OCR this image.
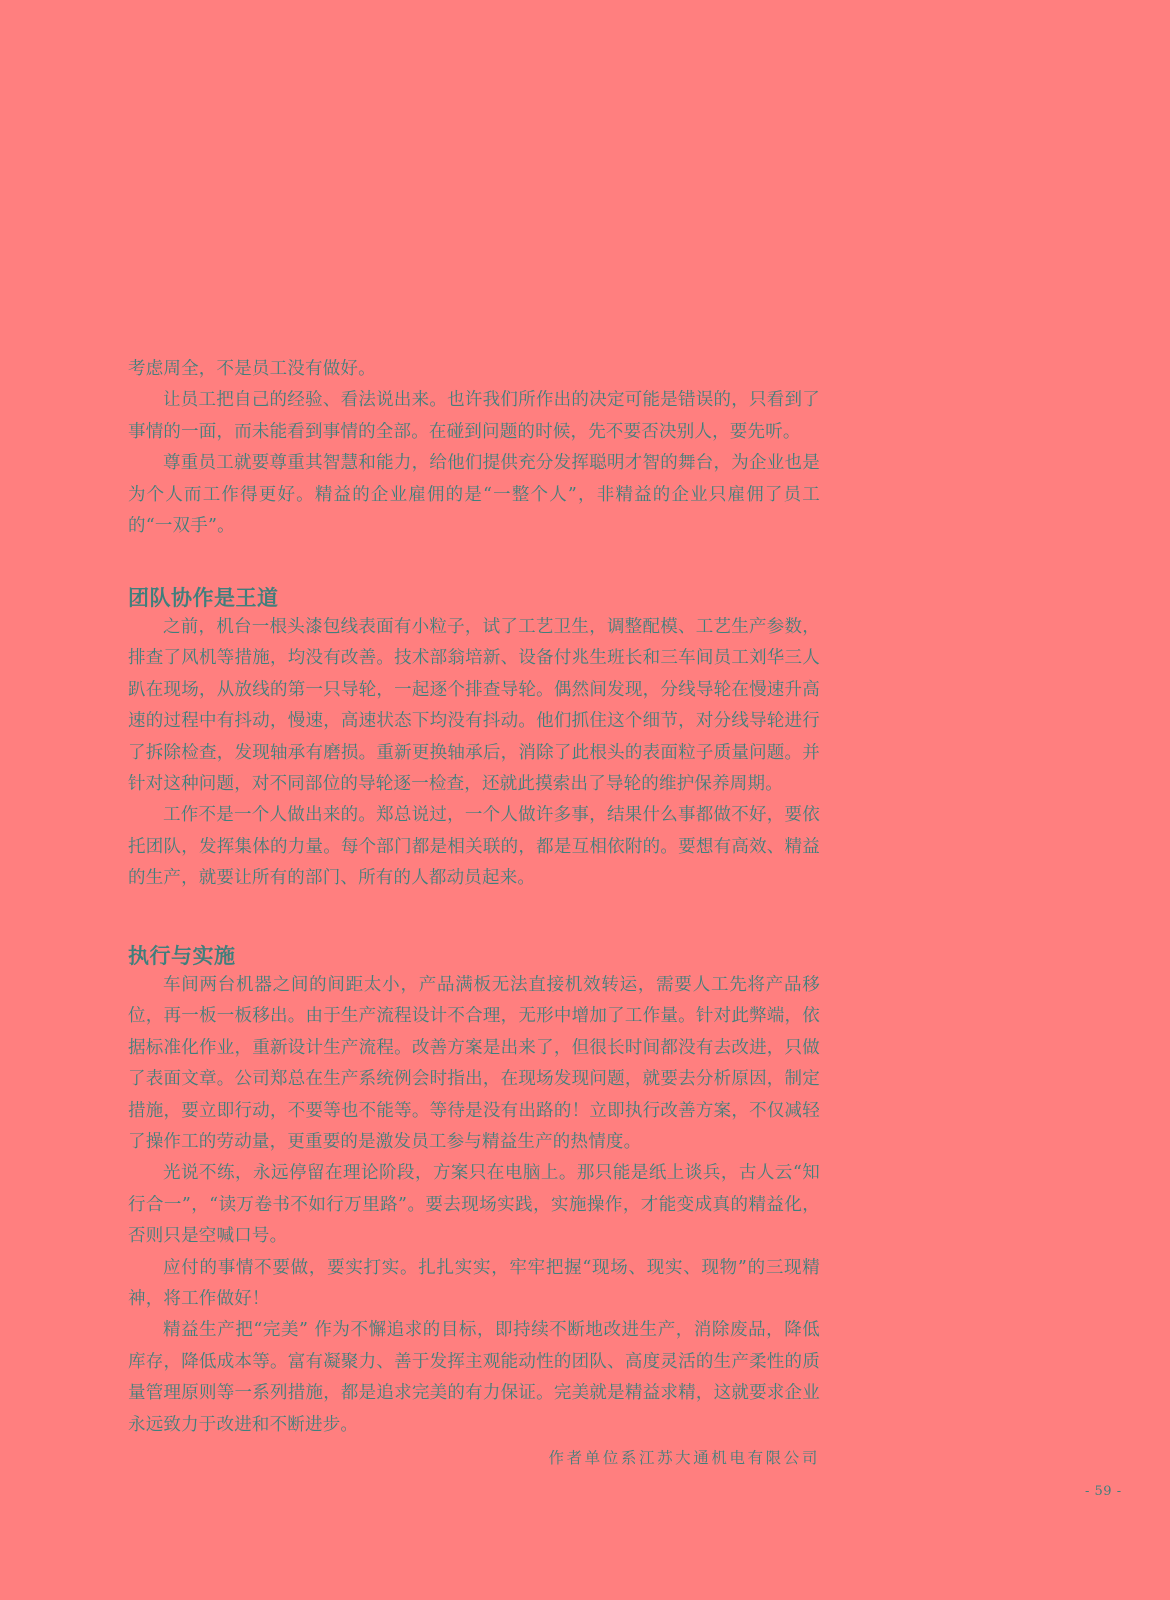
考虑周全，不是员工没有做好。

让员工把自己的经验、看法说出来。也许我们所作出的决定可能是错误的，只看到了事情的一面，而未能看到事情的全部。在碰到问题的时候，先不要否决别人，要先听。

尊重员工就要尊重其智慧和能力，给他们提供充分发挥聪明才智的舞台，为企业也是为个人而工作得更好。精益的企业雇佣的是“一整个人”，非精益的企业只雇佣了员工的“一双手”。

团队协作是王道

之前，机台一根头漆包线表面有小粒子，试了工艺卫生，调整配模、工艺生产参数，排查了风机等措施，均没有改善。技术部翁培新、设备付兆生班长和三车间员工刘华三人趴在现场，从放线的第一只导轮，一起逐个排查导轮。偶然间发现，分线导轮在慢速升高速的过程中有抖动，慢速，高速状态下均没有抖动。他们抓住这个细节，对分线导轮进行了拆除检查，发现轴承有磨损。重新更换轴承后，消除了此根头的表面粒子质量问题。并针对这种问题，对不同部位的导轮逐一检查，还就此摸索出了导轮的维护保养周期。

工作不是一个人做出来的。郑总说过，一个人做许多事，结果什么事都做不好，要依托团队，发挥集体的力量。每个部门都是相关联的，都是互相依附的。要想有高效、精益的生产，就要让所有的部门、所有的人都动员起来。

执行与实施

车间两台机器之间的间距太小，产品满板无法直接机效转运，需要人工先将产品移位，再一板一板移出。由于生产流程设计不合理，无形中增加了工作量。针对此弊端，依据标准化作业，重新设计生产流程。改善方案是出来了，但很长时间都没有去改进，只做了表面文章。公司郑总在生产系统例会时指出，在现场发现问题，就要去分析原因，制定措施，要立即行动，不要等也不能等。等待是没有出路的！立即执行改善方案，不仅减轻了操作工的劳动量，更重要的是激发员工参与精益生产的热情度。

光说不练，永远停留在理论阶段，方案只在电脑上。那只能是纸上谈兵，古人云“知行合一”，“读万卷书不如行万里路”。要去现场实践，实施操作，才能变成真的精益化，否则只是空喊口号。

应付的事情不要做，要实打实。扎扎实实，牢牢把握“现场、现实、现物”的三现精神，将工作做好！

精益生产把“完美” 作为不懈追求的目标，即持续不断地改进生产，消除废品，降低库存，降低成本等。富有凝聚力、善于发挥主观能动性的团队、高度灵活的生产柔性的质量管理原则等一系列措施，都是追求完美的有力保证。完美就是精益求精，这就要求企业永远致力于改进和不断进步。

作者单位系江苏大通机电有限公司
- 59 -
